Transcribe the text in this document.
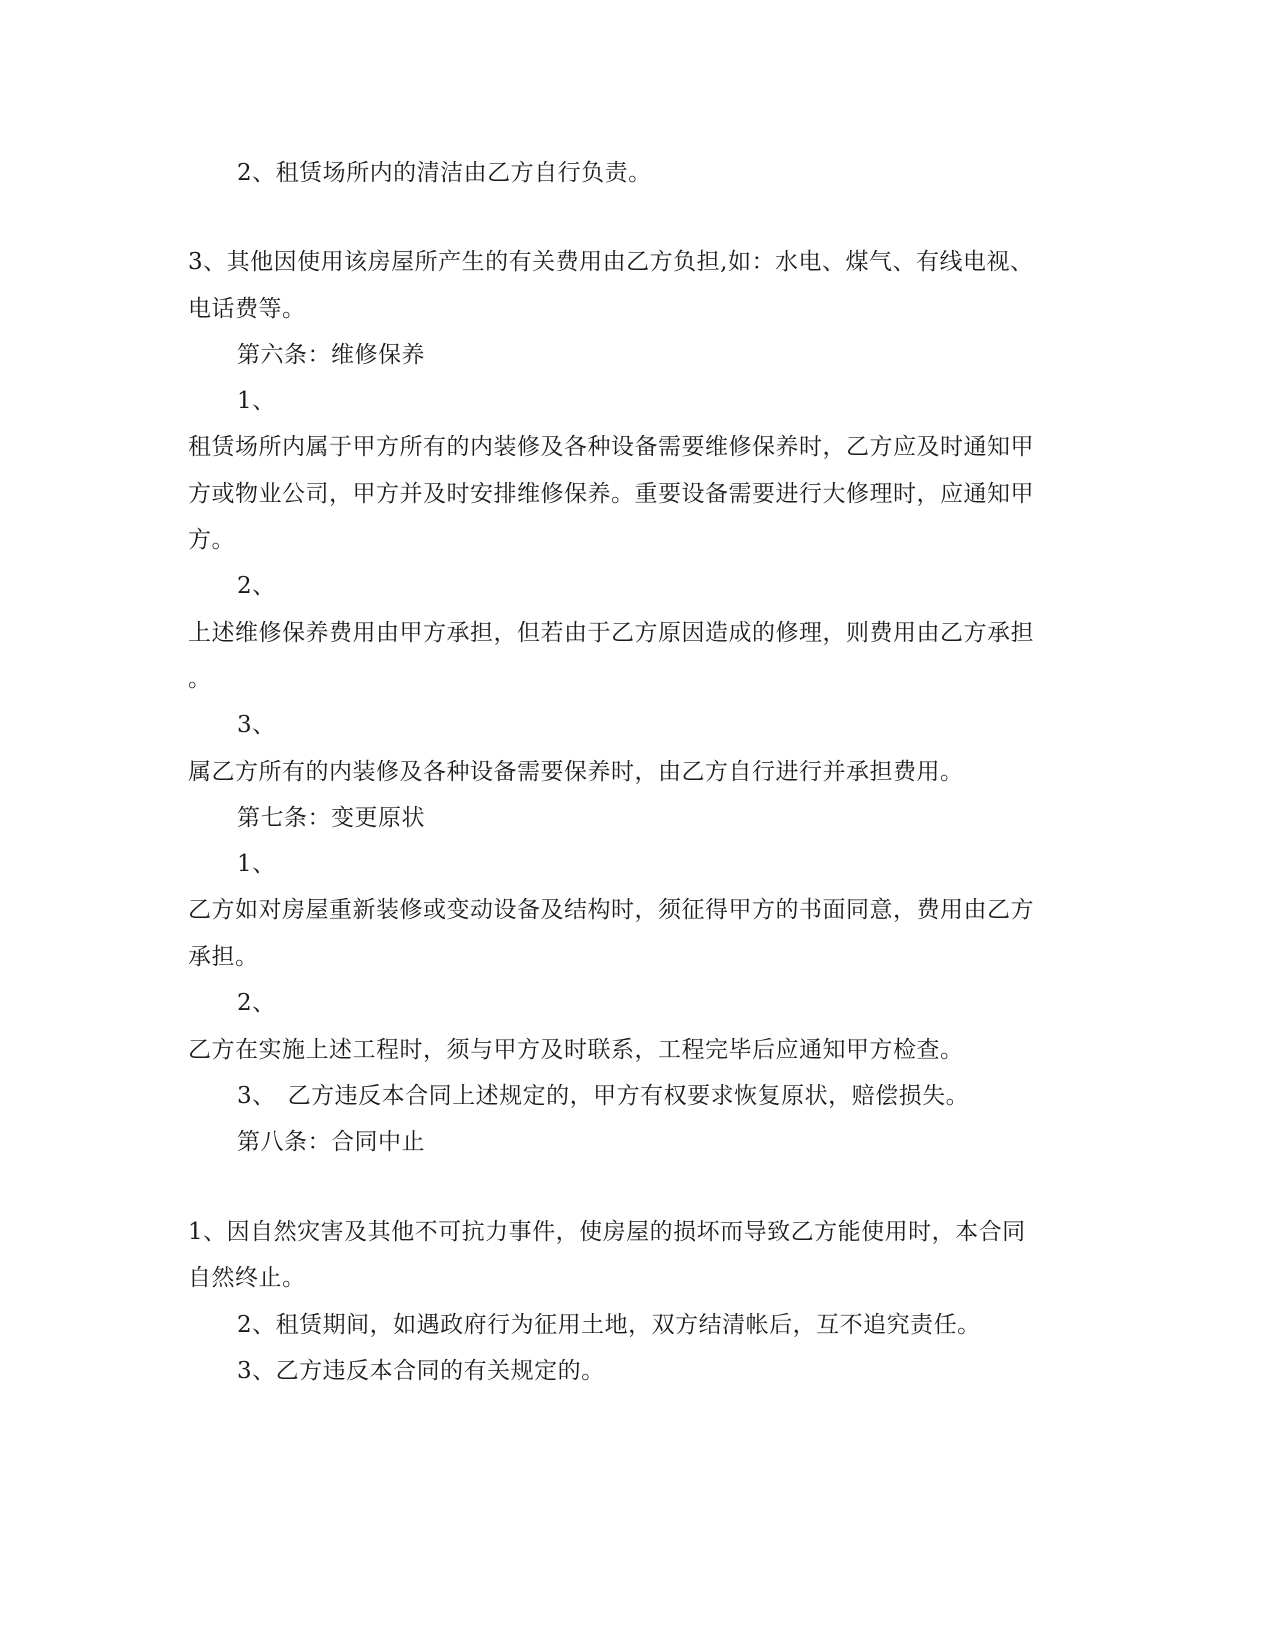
2、租赁场所内的清洁由乙方自行负责。
3、其他因使用该房屋所产生的有关费用由乙方负担,如：水电、煤气、有线电视、
电话费等。
第六条：维修保养
1、
租赁场所内属于甲方所有的内装修及各种设备需要维修保养时，乙方应及时通知甲
方或物业公司，甲方并及时安排维修保养。重要设备需要进行大修理时，应通知甲
方。
2、
上述维修保养费用由甲方承担，但若由于乙方原因造成的修理，则费用由乙方承担
。
3、
属乙方所有的内装修及各种设备需要保养时，由乙方自行进行并承担费用。
第七条：变更原状
1、
乙方如对房屋重新装修或变动设备及结构时，须征得甲方的书面同意，费用由乙方
承担。
2、
乙方在实施上述工程时，须与甲方及时联系，工程完毕后应通知甲方检查。
3、　乙方违反本合同上述规定的，甲方有权要求恢复原状，赔偿损失。
第八条：合同中止
1、因自然灾害及其他不可抗力事件，使房屋的损坏而导致乙方能使用时，本合同
自然终止。
2、租赁期间，如遇政府行为征用土地，双方结清帐后，互不追究责任。
3、乙方违反本合同的有关规定的。
